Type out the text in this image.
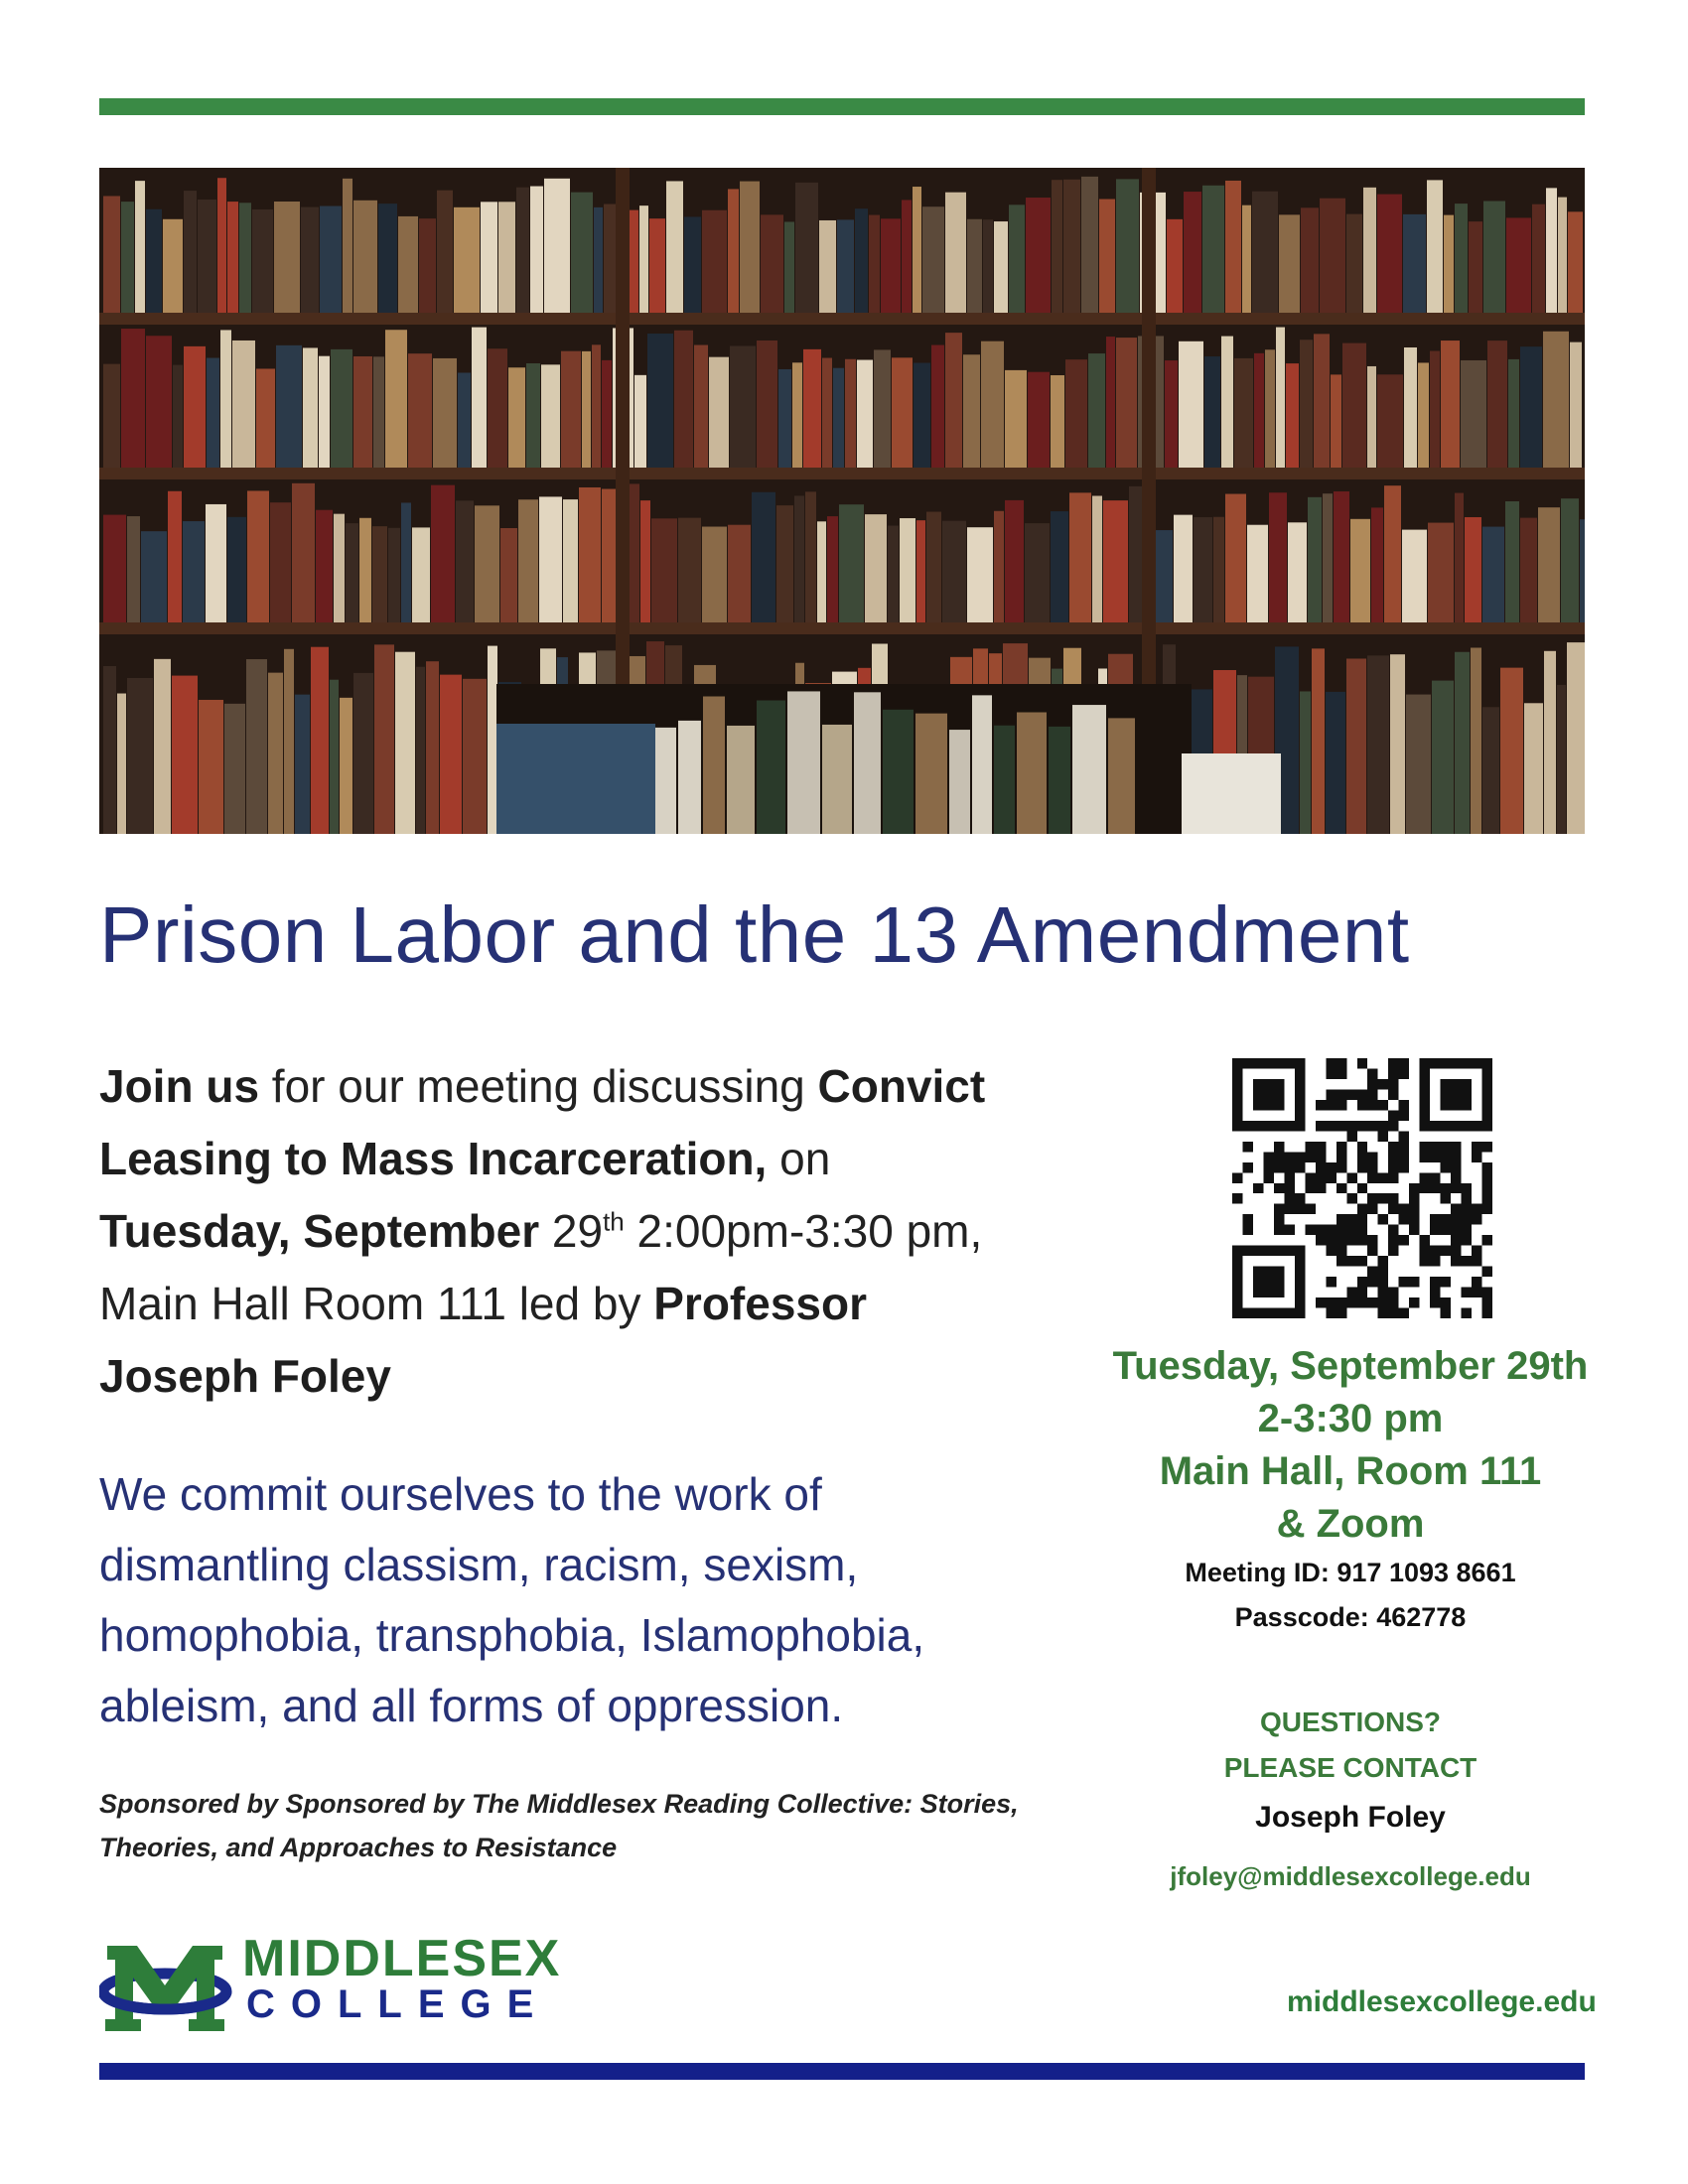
Prison Labor and the 13 Amendment
Join us for our meeting discussing Convict Leasing to Mass Incarceration, on Tuesday, September 29th 2:00pm-3:30 pm, Main Hall Room 111 led by Professor Joseph Foley
We commit ourselves to the work of dismantling classism, racism, sexism, homophobia, transphobia, Islamophobia, ableism, and all forms of oppression.
Sponsored by Sponsored by The Middlesex Reading Collective: Stories, Theories, and Approaches to Resistance
Tuesday, September 29th
2-3:30 pm
Main Hall, Room 111
& Zoom
Meeting ID: 917 1093 8661
Passcode: 462778
QUESTIONS?
PLEASE CONTACT
Joseph Foley
jfoley@middlesexcollege.edu
MIDDLESEX
COLLEGE	middlesexcollege.edu
